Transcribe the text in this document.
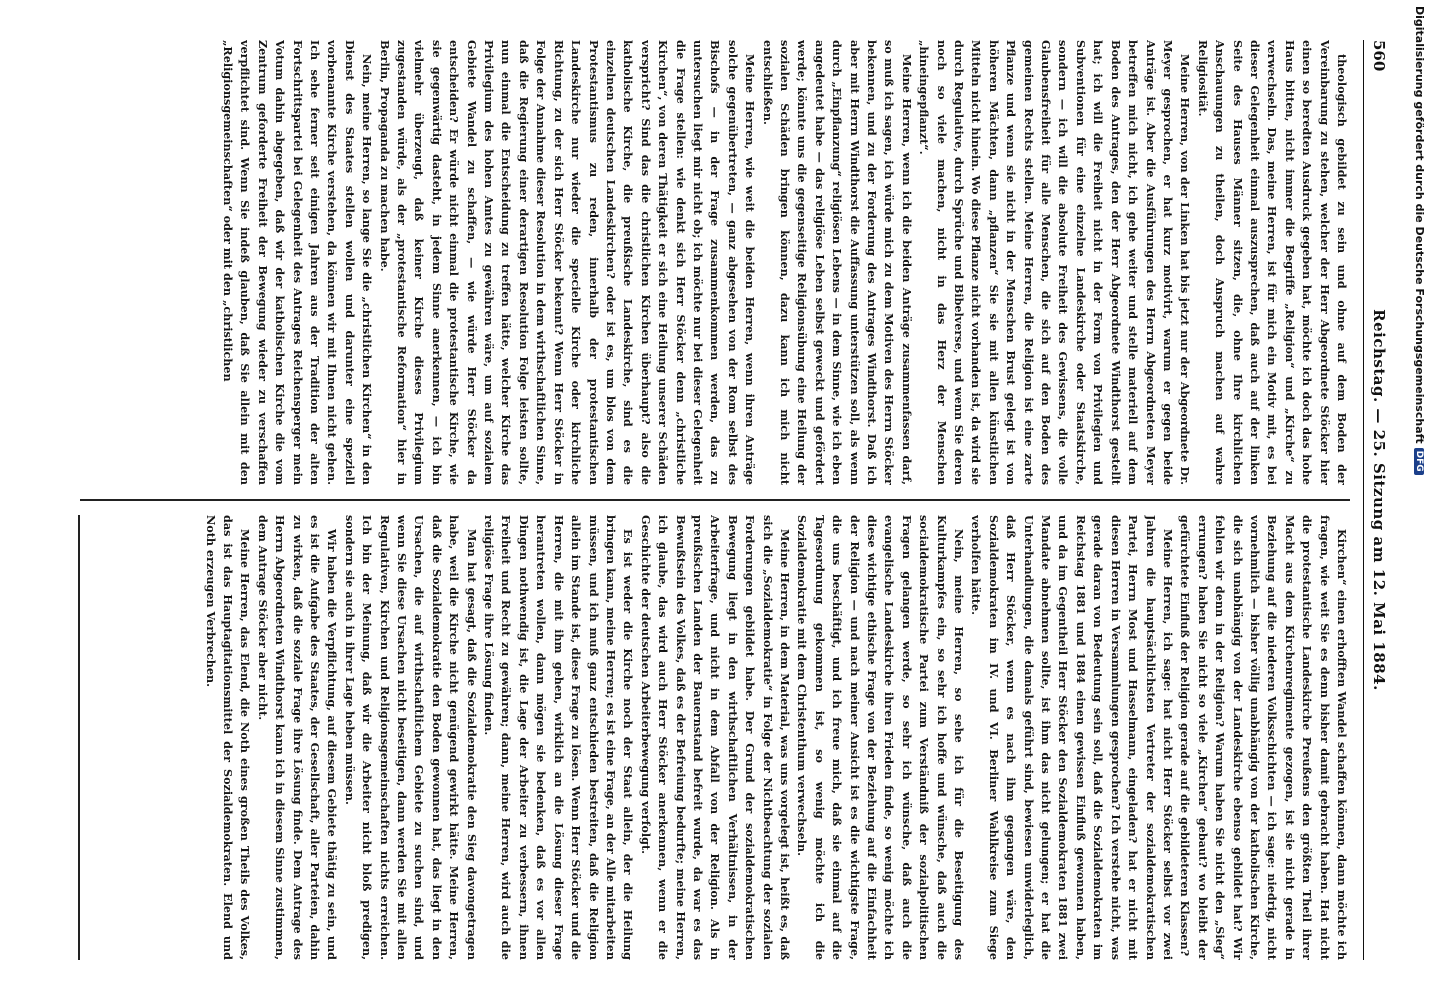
560
Reichstag. — 25. Sitzung am 12. Mai 1884.

theologisch gebildet zu sein und ohne auf dem Boden der Vereinbarung zu stehen, welcher der Herr Abgeordnete Stöcker hier einen so beredten Ausdruck gegeben hat, möchte ich doch das hohe Haus bitten, nicht immer die Begriffe „Religion“ und „Kirche“ zu verwechseln. Das, meine Herren, ist für mich ein Motiv mit, es bei dieser Gelegenheit einmal auszusprechen, daß auch auf der linken Seite des Hauses Männer sitzen, die, ohne Ihre kirchlichen Anschauungen zu theilen, doch Anspruch machen auf wahre Religiosität.

Meine Herren, von der Linken hat bis jetzt nur der Abgeordnete Dr. Meyer gesprochen, er hat kurz motivirt, warum er gegen beide Anträge ist. Aber die Ausführungen des Herrn Abgeordneten Meyer betreffen mich nicht, ich gehe weiter und stelle materiell auf dem Boden des Antrages, den der Herr Abgeordnete Windthorst gestellt hat; ich will die Freiheit nicht in der Form von Privilegien und Subventionen für eine einzelne Landeskirche oder Staatskirche, sondern — ich will die absolute Freiheit des Gewissens, die volle Glaubensfreiheit für alle Menschen, die sich auf den Boden des gemeinen Rechts stellen. Meine Herren, die Religion ist eine zarte Pflanze und wenn sie nicht in der Menschen Brust gelegt ist von höheren Mächten, dann „pflanzen“ Sie sie mit allen künstlichen Mitteln nicht hinein. Wo diese Pflanze nicht vorhanden ist, da wird sie durch Regulative, durch Sprüche und Bibelverse, und wenn Sie deren noch so viele machen, nicht in das Herz der Menschen „hineingepflanzt“.

Meine Herren, wenn ich die beiden Anträge zusammenfassen darf, so muß ich sagen, ich würde mich zu dem Motiven des Herrn Stöcker bekennen, und zu der Forderung des Antrages Windthorst. Daß ich aber mit Herrn Windthorst die Auffassung unterstützen soll, als wenn durch „Einpflanzung“ religiösen Lebens — in dem Sinne, wie ich eben angedeutet habe — das religiöse Leben selbst geweckt und gefördert werde; könnte uns die gegenseitige Religionsübung eine Heilung der sozialen Schäden bringen können, dazu kann ich mich nicht entschließen.

Meine Herren, wie weit die beiden Herren, wenn ihren Anträge solche gegenübertreten, — ganz abgesehen von der Rom selbst des Bischofs — in der Frage zusammenkommen werden, das zu untersuchen liegt mir nicht ob; ich möchte nur bei dieser Gelegenheit die Frage stellen: wie denkt sich Herr Stöcker denn „christliche Kirchen“, von deren Thätigkeit er sich eine Heilung unserer Schäden verspricht? Sind das die christlichen Kirchen überhaupt? also die katholische Kirche, die preußische Landeskirche, sind es die einzelnen deutschen Landeskirchen? oder ist es, um blos von dem Protestantismus zu reden, innerhalb der protestantischen Landeskirche nur wieder die specielle Kirche oder kirchliche Richtung, zu der sich Herr Stöcker bekennt? Wenn Herr Stöcker in Folge der Annahme dieser Resolution in dem wirthschaftlichen Sinne, daß die Regierung einer derartigen Resolution Folge leisten sollte, nun einmal die Entscheidung zu treffen hätte, welcher Kirche das Privilegium des hohen Amtes zu gewähren wäre, um auf sozialem Gebiete Wandel zu schaffen, — wie würde Herr Stöcker da entscheiden? Er würde nicht einmal die protestantische Kirche, wie sie gegenwärtig dasteht, in jedem Sinne anerkennen, — ich bin vielmehr überzeugt, daß keiner Kirche dieses Privilegium zugestanden würde, als der „protestantische Reformation“ hier in Berlin, Propaganda zu machen habe.

Nein, meine Herren, so lange Sie die „christlichen Kirchen“ in den Dienst des Staates stellen wollen und darunter eine speziell vorbenannte Kirche verstehen, da können wir mit Ihnen nicht gehen. Ich sehe ferner seit einigen Jahren aus der Tradition der alten Fortschrittspartei bei Gelegenheit des Antrages Reichensperger mein Votum dahin abgegeben, daß wir der katholischen Kirche die vom Zentrum geforderte Freiheit der Bewegung wieder zu verschaffen verpflichtet sind. Wenn Sie indeß glauben, daß Sie allein mit den „Religionsgemeinschaften“ oder mit den „christlichen

Kirchen“ einen erhofften Wandel schaffen können, dann möchte ich fragen, wie weit Sie es denn bisher damit gebracht haben. Hat nicht die protestantische Landeskirche Preußens den größten Theil ihrer Macht aus dem Kirchenregimente gezogen, ist sie nicht gerade in Beziehung auf die niederen Volksschichten — ich sage: niedrig, nicht vornehmlich — bisher völlig unabhängig von der katholischen Kirche, die sich unabhängig von der Landeskirche ebenso gebildet hat? Wir fehlen wir denn in der Religion? Warum haben Sie nicht den „Sieg“ errungen? haben Sie nicht so viele „Kirchen“ gebaut? wo bleibt der gefürchtete Einfluß der Religion gerade auf die gebildeteren Klassen?

Meine Herren, ich sage: hat nicht Herr Stöcker selbst vor zwei Jahren die hauptsächlichsten Vertreter der sozialdemokratischen Partei, Herrn Most und Hasselmann, eingeladen? hat er nicht mit diesen Herren in Versammlungen gesprochen? Ich verstehe nicht, was gerade daran von Bedeutung sein soll, daß die Sozialdemokraten im Reichstag 1881 und 1884 einen gewissen Einfluß gewonnen haben, und da im Gegentheil Herr Stöcker den Sozialdemokraten 1881 zwei Mandate abnehmen sollte, ist ihm das nicht gelungen; er hat die Unterhandlungen, die damals geführt sind, bewiesen unwiderleglich, daß Herr Stöcker, wenn es nach ihm gegangen wäre, den Sozialdemokraten im IV. und VI. Berliner Wahlkreise zum Siege verholfen hätte.

Nein, meine Herren, so sehe ich für die Beseitigung des Kulturkampfes ein, so sehr ich hoffe und wünsche, daß auch die socialdemokratische Partei zum Verständniß der sozialpolitischen Fragen gelangen werde, so sehr ich wünsche, daß auch die evangelische Landeskirche ihren Frieden finde, so wenig möchte ich diese wichtige ethische Frage von der Beziehung auf die Einfachheit der Religion — und nach meiner Ansicht ist es die wichtigste Frage, die uns beschäftigt, und ich freue mich, daß sie einmal auf die Tagesordnung gekommen ist, so wenig möchte ich die Sozialdemokratie mit dem Christenthum verwechseln.

Meine Herren, in dem Material, was uns vorgelegt ist, heißt es, daß sich die „Sozialdemokratie“ in Folge der Nichtbeachtung der sozialen Forderungen gebildet habe. Der Grund der sozialdemokratischen Bewegung liegt in den wirthschaftlichen Verhältnissen, in der Arbeiterfrage, und nicht in dem Abfall von der Religion. Als in preußischen Landen der Bauernstand befreit wurde, da war es das Bewußtsein des Volkes, daß es der Befreiung bedurfte; meine Herren, ich glaube, das wird auch Herr Stöcker anerkennen, wenn er die Geschichte der deutschen Arbeiterbewegung verfolgt.

Es ist weder die Kirche noch der Staat allein, der die Heilung bringen kann, meine Herren; es ist eine Frage, an der Alle mitarbeiten müssen, und ich muß ganz entschieden bestreiten, daß die Religion allein im Stande ist, diese Frage zu lösen. Wenn Herr Stöcker und die Herren, die mit ihm gehen, wirklich an die Lösung dieser Frage herantreten wollen, dann mögen sie bedenken, daß es vor allen Dingen nothwendig ist, die Lage der Arbeiter zu verbessern, ihnen Freiheit und Recht zu gewähren; dann, meine Herren, wird auch die religiöse Frage ihre Lösung finden.

Man hat gesagt, daß die Sozialdemokratie den Sieg davongetragen habe, weil die Kirche nicht genügend gewirkt hätte. Meine Herren, daß die Sozialdemokratie den Boden gewonnen hat, das liegt in den Ursachen, die auf wirthschaftlichem Gebiete zu suchen sind, und wenn Sie diese Ursachen nicht beseitigen, dann werden Sie mit allen Regulativen, Kirchen und Religionsgemeinschaften nichts erreichen. Ich bin der Meinung, daß wir die Arbeiter nicht bloß predigen, sondern sie auch in ihrer Lage heben müssen.

Wir haben die Verpflichtung, auf diesem Gebiete thätig zu sein, und es ist die Aufgabe des Staates, der Gesellschaft, aller Parteien, dahin zu wirken, daß die soziale Frage ihre Lösung finde. Dem Antrage des Herrn Abgeordneten Windthorst kann ich in diesem Sinne zustimmen, dem Antrage Stöcker aber nicht.

Meine Herren, das Elend, die Noth eines großen Theils des Volkes, das ist das Hauptagitationsmittel der Sozialdemokraten. Elend und Noth erzeugen Verbrechen.

Digitalisierung gefördert durch die Deutsche ForschungsgemeinschaftDFG
